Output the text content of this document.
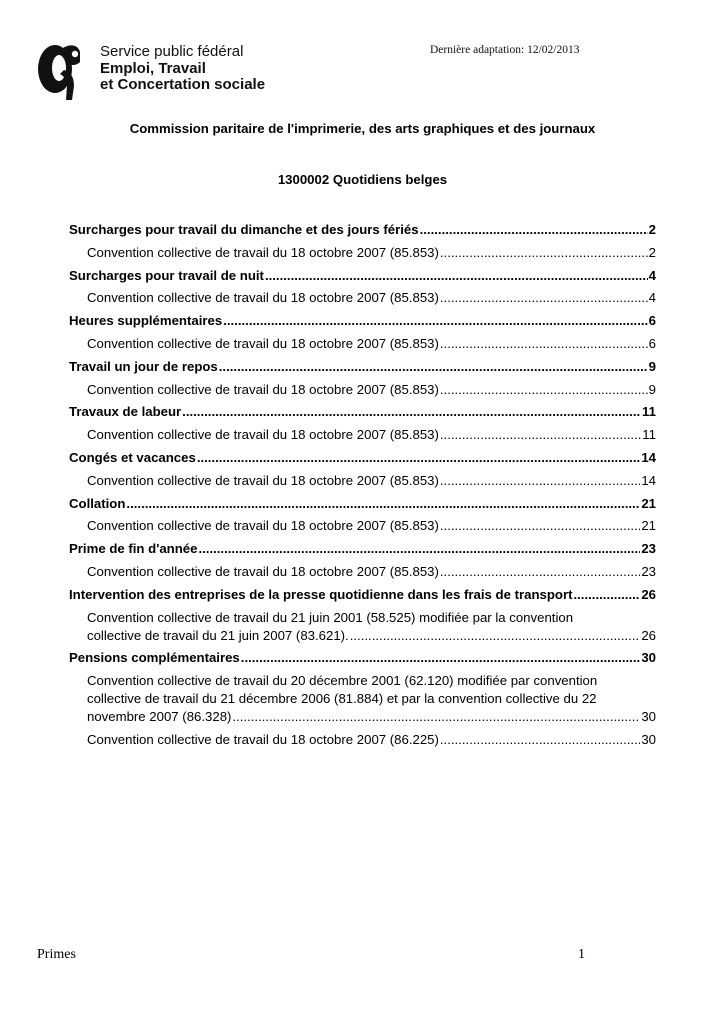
Service public fédéral
Emploi, Travail
et Concertation sociale
Dernière adaptation: 12/02/2013
Commission paritaire de l'imprimerie, des arts graphiques et des journaux
1300002 Quotidiens belges
Surcharges pour travail du dimanche et des jours fériés .....	2
Convention collective de travail du 18 octobre 2007 (85.853) .....	2
Surcharges pour travail de nuit .....	4
Convention collective de travail du 18 octobre 2007 (85.853) .....	4
Heures supplémentaires .....	6
Convention collective de travail du 18 octobre 2007 (85.853) .....	6
Travail un jour de repos .....	9
Convention collective de travail du 18 octobre 2007 (85.853) .....	9
Travaux de labeur .....	11
Convention collective de travail du 18 octobre 2007 (85.853) .....	11
Congés et vacances .....	14
Convention collective de travail du 18 octobre 2007 (85.853) .....	14
Collation .....	21
Convention collective de travail du 18 octobre 2007 (85.853) .....	21
Prime de fin d'année .....	23
Convention collective de travail du 18 octobre 2007 (85.853) .....	23
Intervention des entreprises de la presse quotidienne dans les frais de transport .....	26
Convention collective de travail du 21 juin 2001 (58.525) modifiée par la convention
collective de travail du 21 juin 2007 (83.621). .....	26
Pensions complémentaires .....	30
Convention collective de travail du 20 décembre 2001 (62.120) modifiée par convention
collective de travail du 21 décembre 2006 (81.884) et par la convention collective du 22
novembre 2007 (86.328) .....	30
Convention collective de travail du 18 octobre 2007 (86.225) .....	30
Primes	1
